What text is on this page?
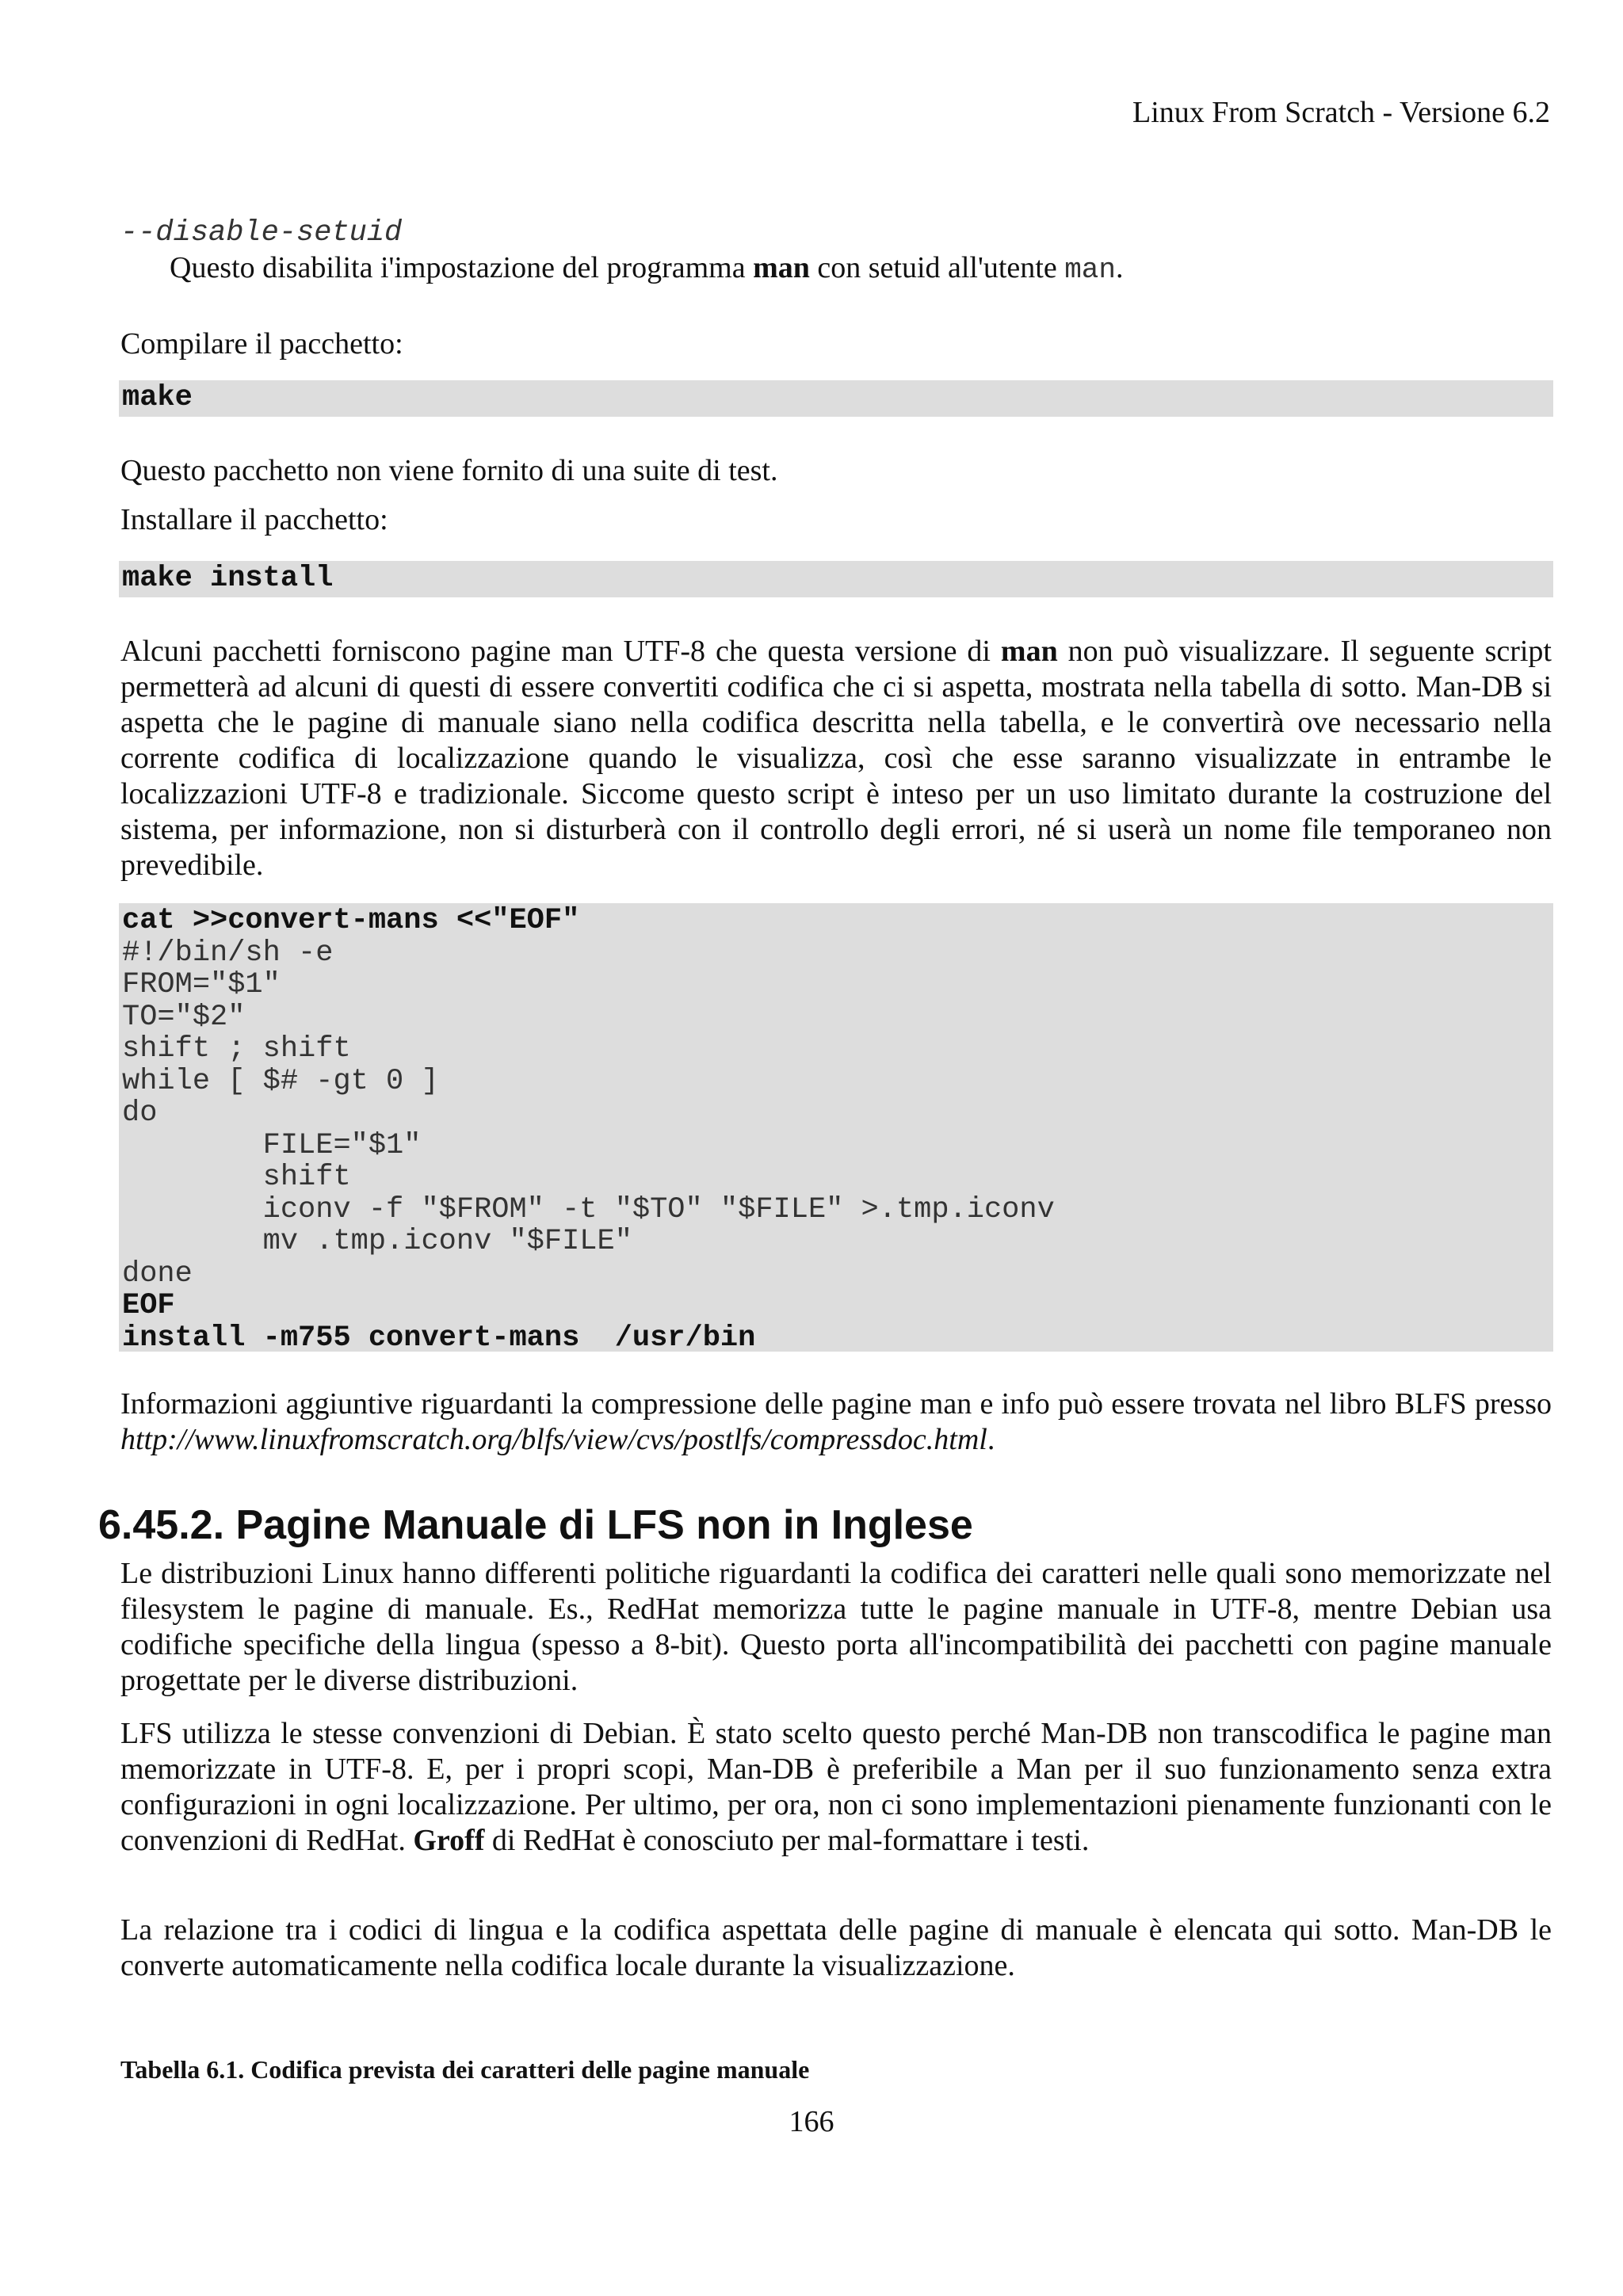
Linux From Scratch - Versione 6.2
--disable-setuid
Questo disabilita i'impostazione del programma man con setuid all'utente man.
Compilare il pacchetto:
make
Questo pacchetto non viene fornito di una suite di test.
Installare il pacchetto:
make install
Alcuni pacchetti forniscono pagine man UTF-8 che questa versione di man non può visualizzare. Il seguente script permetterà ad alcuni di questi di essere convertiti codifica che ci si aspetta, mostrata nella tabella di sotto. Man-DB si aspetta che le pagine di manuale siano nella codifica descritta nella tabella, e le convertirà ove necessario nella corrente codifica di localizzazione quando le visualizza, così che esse saranno visualizzate in entrambe le localizzazioni UTF-8 e tradizionale. Siccome questo script è inteso per un uso limitato durante la costruzione del sistema, per informazione, non si disturberà con il controllo degli errori, né si userà un nome file temporaneo non prevedibile.
cat >>convert-mans <<"EOF"
#!/bin/sh -e
FROM="$1"
TO="$2"
shift ; shift
while [ $# -gt 0 ]
do
FILE="$1"
shift
iconv -f "$FROM" -t "$TO" "$FILE" >.tmp.iconv
mv .tmp.iconv "$FILE"
done
EOF
install -m755 convert-mans  /usr/bin
Informazioni aggiuntive riguardanti la compressione delle pagine man e info può essere trovata nel libro BLFS presso http://www.linuxfromscratch.org/blfs/view/cvs/postlfs/compressdoc.html.
6.45.2. Pagine Manuale di LFS non in Inglese
Le distribuzioni Linux hanno differenti politiche riguardanti la codifica dei caratteri nelle quali sono memorizzate nel filesystem le pagine di manuale. Es., RedHat memorizza tutte le pagine manuale in UTF-8, mentre Debian usa codifiche specifiche della lingua (spesso a 8-bit). Questo porta all'incompatibilità dei pacchetti con pagine manuale progettate per le diverse distribuzioni.
LFS utilizza le stesse convenzioni di Debian. È stato scelto questo perché Man-DB non transcodifica le pagine man memorizzate in UTF-8. E, per i propri scopi, Man-DB è preferibile a Man per il suo funzionamento senza extra configurazioni in ogni localizzazione. Per ultimo, per ora, non ci sono implementazioni pienamente funzionanti con le convenzioni di RedHat. Groff di RedHat è conosciuto per mal-formattare i testi.
La relazione tra i codici di lingua e la codifica aspettata delle pagine di manuale è elencata qui sotto. Man-DB le converte automaticamente nella codifica locale durante la visualizzazione.
Tabella 6.1. Codifica prevista dei caratteri delle pagine manuale
166
